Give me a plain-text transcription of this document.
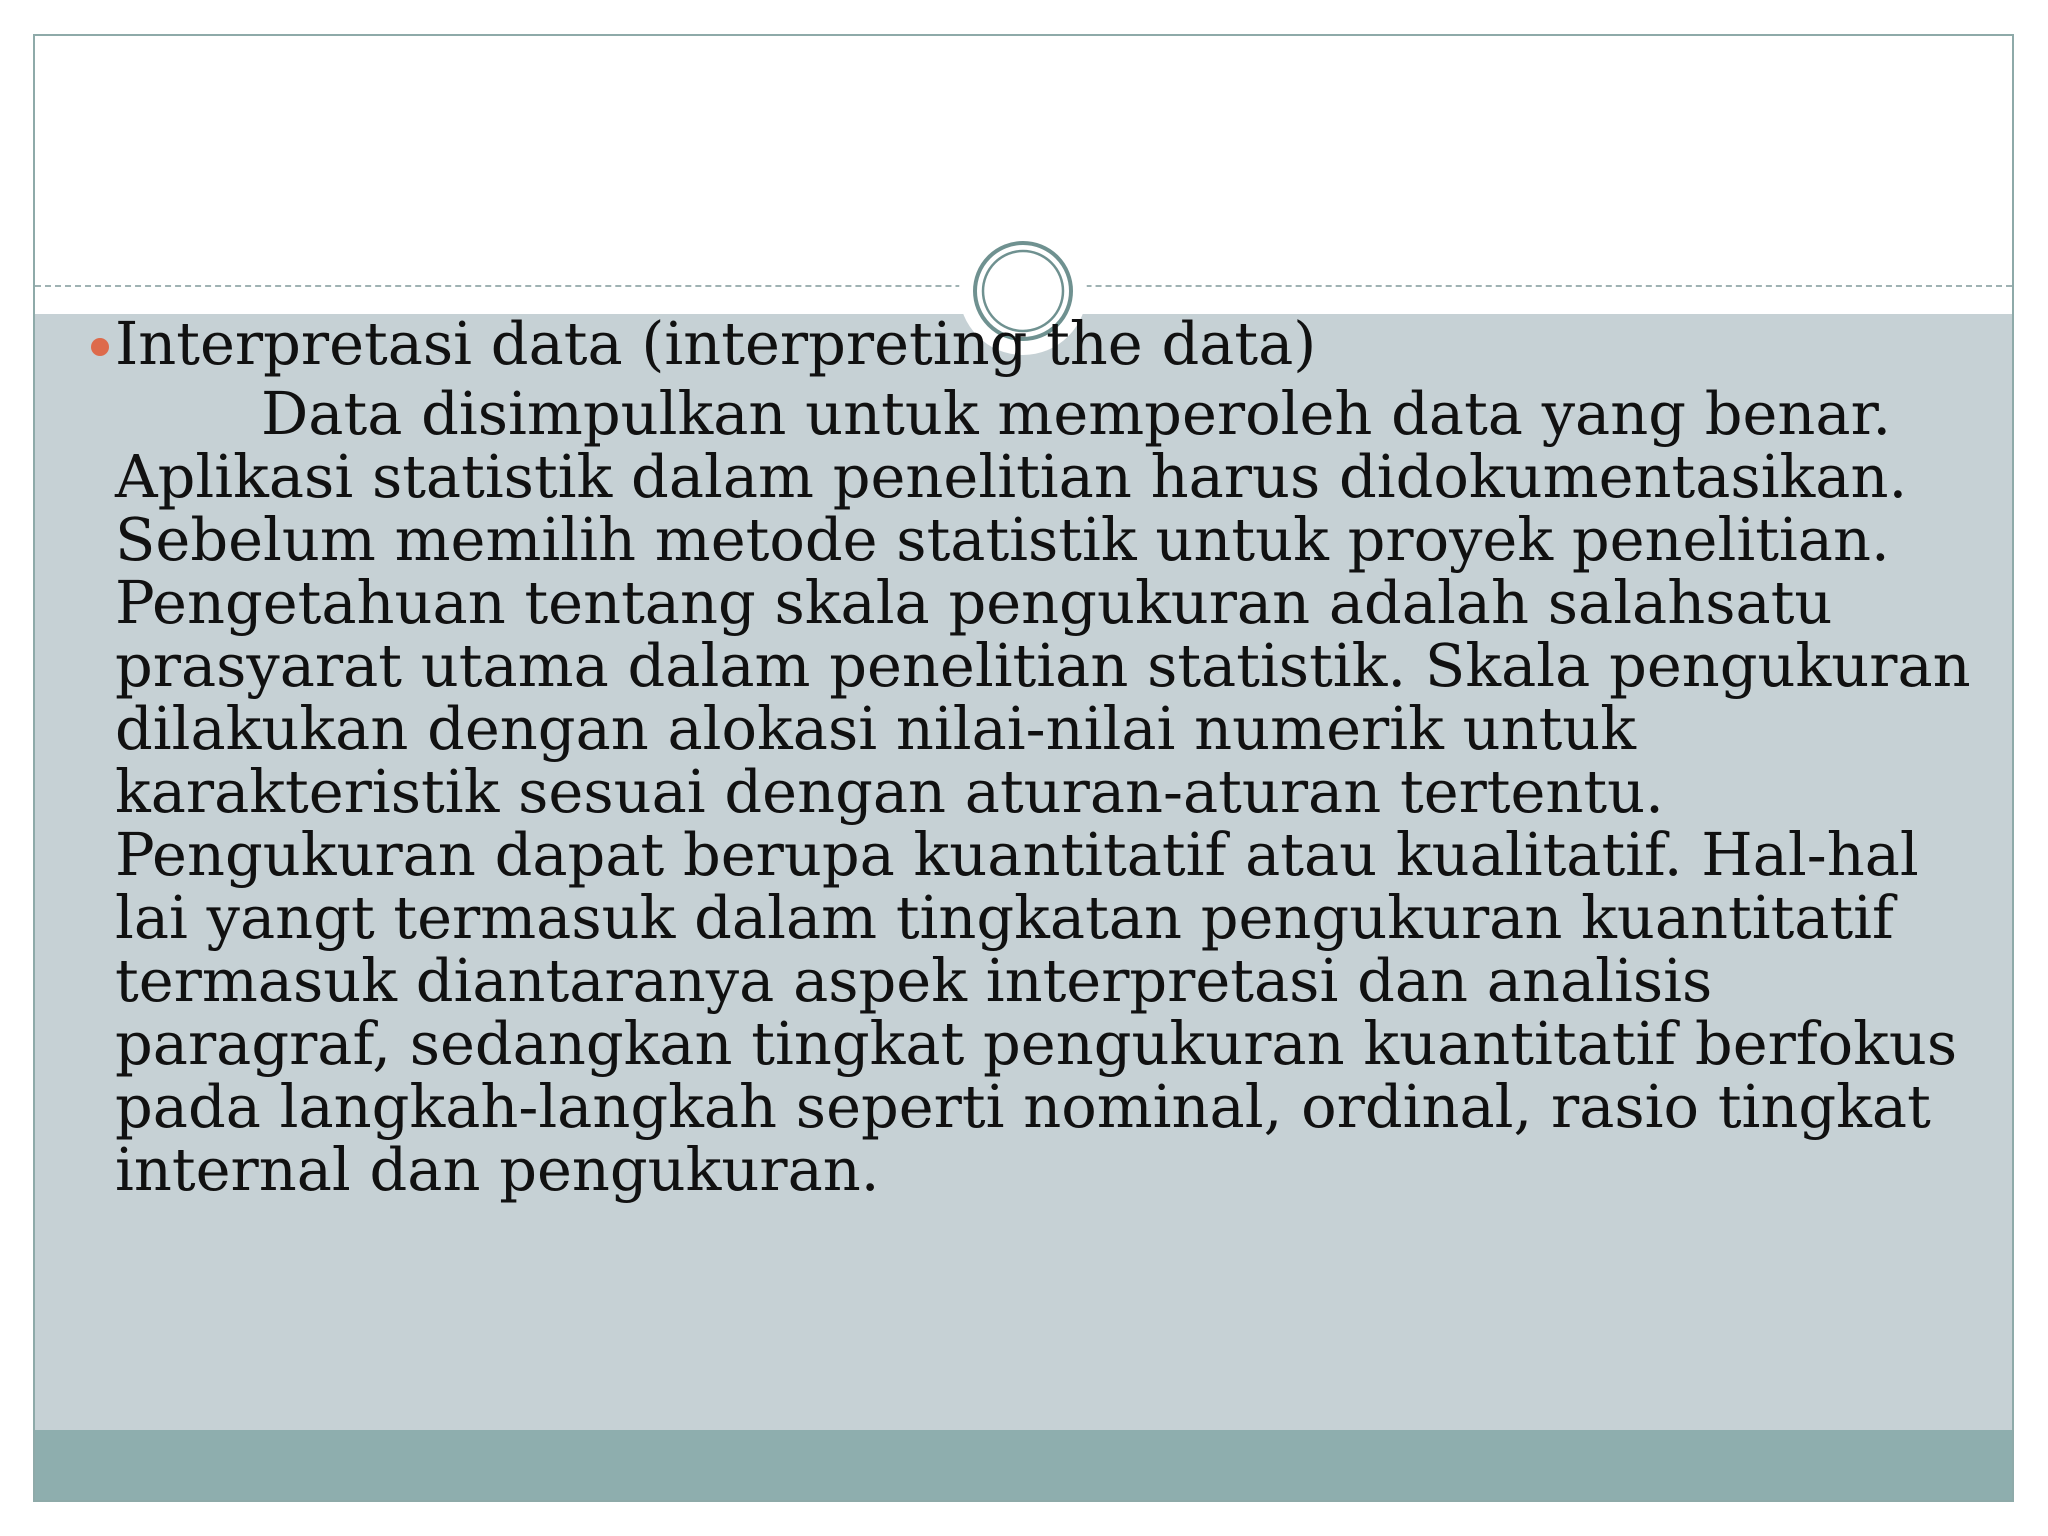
Interpretasi data (interpreting the data)
Data disimpulkan untuk memperoleh data yang benar.
Aplikasi statistik dalam penelitian harus didokumentasikan.
Sebelum memilih metode statistik untuk proyek penelitian.
Pengetahuan tentang skala pengukuran adalah salahsatu
prasyarat utama dalam penelitian statistik. Skala pengukuran
dilakukan dengan alokasi nilai-nilai numerik untuk
karakteristik sesuai dengan aturan-aturan tertentu.
Pengukuran dapat berupa kuantitatif atau kualitatif. Hal-hal
lai yangt termasuk dalam tingkatan pengukuran kuantitatif
termasuk diantaranya aspek interpretasi dan analisis
paragraf, sedangkan tingkat pengukuran kuantitatif berfokus
pada langkah-langkah seperti nominal, ordinal, rasio tingkat
internal dan pengukuran.
